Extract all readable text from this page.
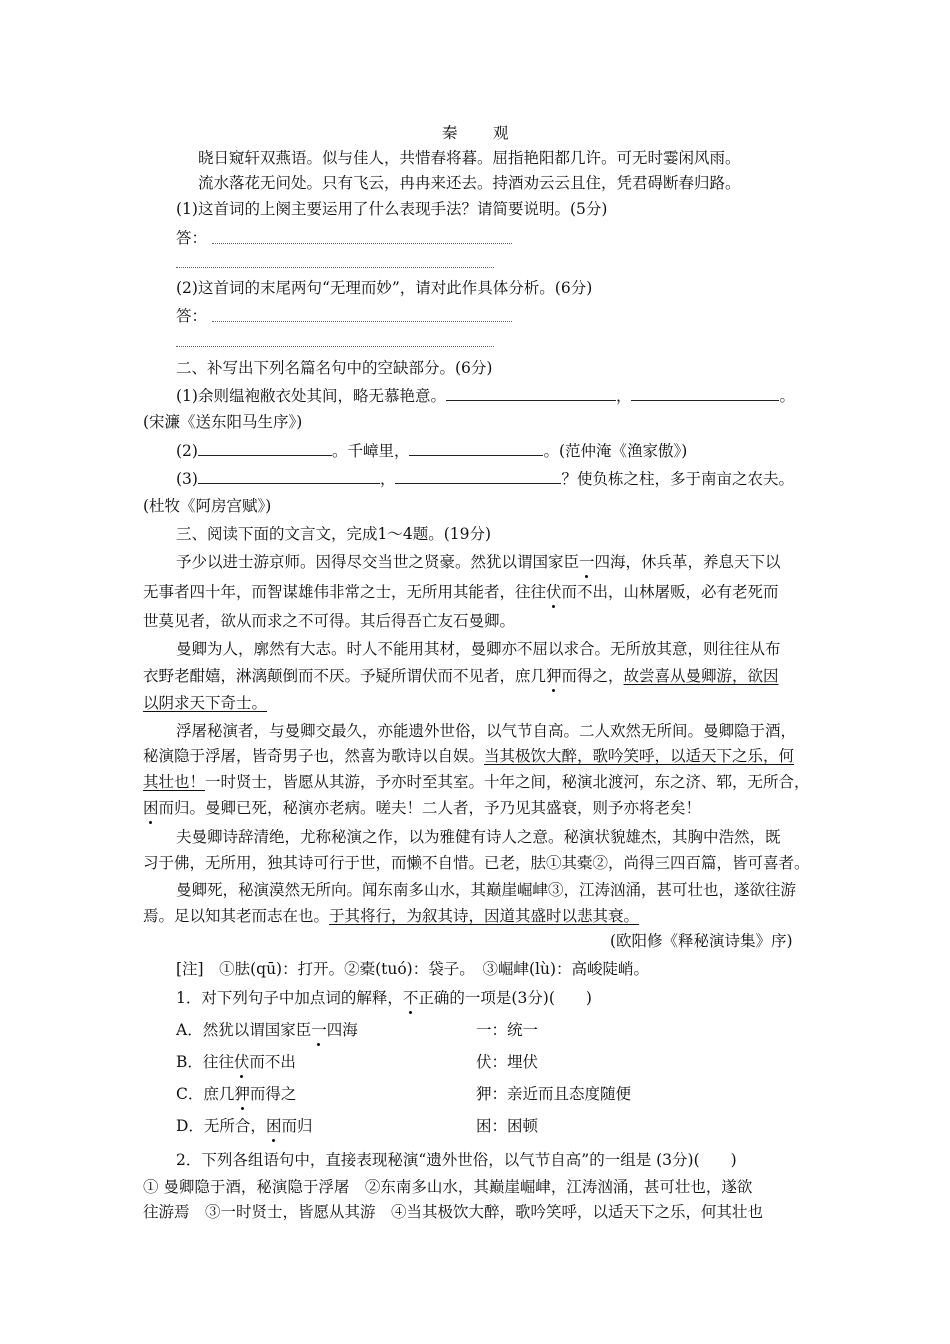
秦　观
晓日窥轩双燕语。似与佳人，共惜春将暮。屈指艳阳都几许。可无时霎闲风雨。
流水落花无问处。只有飞云，冉冉来还去。持酒劝云云且住，凭君碍断春归路。
(1)这首词的上阕主要运用了什么表现手法？请简要说明。(5分)
答：
(2)这首词的末尾两句“无理而妙”，请对此作具体分析。(6分)
答：
二、补写出下列名篇名句中的空缺部分。(6分)
(1)余则缊袍敝衣处其间，略无慕艳意。	，	。
(宋濂《送东阳马生序》)
(2)	。千嶂里，	。(范仲淹《渔家傲》)
(3)	，	？使负栋之柱，多于南亩之农夫。
(杜牧《阿房宫赋》)
三、阅读下面的文言文，完成1～4题。(19分)
予少以进士游京师。因得尽交当世之贤豪。然犹以谓国家臣一四海，休兵革，养息天下以
无事者四十年，而智谋雄伟非常之士，无所用其能者，往往伏而不出，山林屠贩，必有老死而
世莫见者，欲从而求之不可得。其后得吾亡友石曼卿。
曼卿为人，廓然有大志。时人不能用其材，曼卿亦不屈以求合。无所放其意，则往往从布
衣野老酣嬉，淋漓颠倒而不厌。予疑所谓伏而不见者，庶几狎而得之，故尝喜从曼卿游，欲因
以阴求天下奇士。
浮屠秘演者，与曼卿交最久，亦能遗外世俗，以气节自高。二人欢然无所间。曼卿隐于酒，
秘演隐于浮屠，皆奇男子也，然喜为歌诗以自娱。当其极饮大醉，歌吟笑呼，以适天下之乐，何
其壮也！一时贤士，皆愿从其游，予亦时至其室。十年之间，秘演北渡河，东之济、郓，无所合，
困而归。曼卿已死，秘演亦老病。嗟夫！二人者，予乃见其盛衰，则予亦将老矣！
夫曼卿诗辞清绝，尤称秘演之作，以为雅健有诗人之意。秘演状貌雄杰，其胸中浩然，既
习于佛，无所用，独其诗可行于世，而懒不自惜。已老，胠①其橐②，尚得三四百篇，皆可喜者。
曼卿死，秘演漠然无所向。闻东南多山水，其巅崖崛峍③，江涛汹涌，甚可壮也，遂欲往游
焉。足以知其老而志在也。于其将行，为叙其诗，因道其盛时以悲其衰。
(欧阳修《释秘演诗集》序)
[注]　①胠(qū)：打开。②橐(tuó)：袋子。　③崛峍(lù)：高峻陡峭。
1．对下列句子中加点词的解释，不正确的一项是(3分)(　　)
A．然犹以谓国家臣一四海	一：统一
B．往往伏而不出	伏：埋伏
C．庶几狎而得之	狎：亲近而且态度随便
D．无所合，困而归	困：困顿
2．下列各组语句中，直接表现秘演“遗外世俗，以气节自高”的一组是 (3分)(　　)
① 曼卿隐于酒，秘演隐于浮屠　②东南多山水，其巅崖崛峍，江涛汹涌，甚可壮也，遂欲
往游焉　③一时贤士，皆愿从其游　④当其极饮大醉，歌吟笑呼，以适天下之乐，何其壮也
